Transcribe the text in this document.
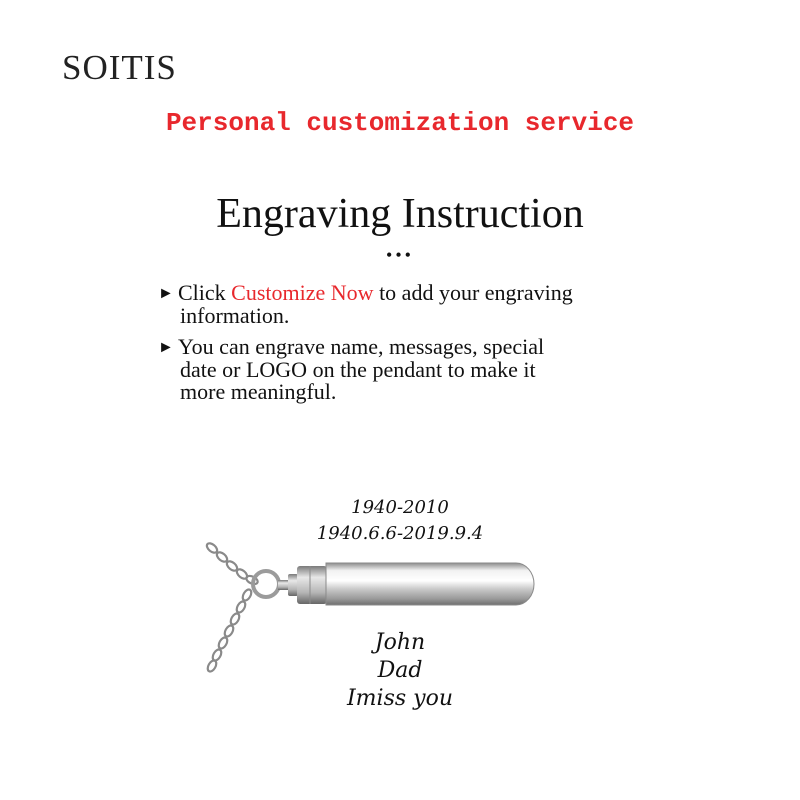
SOITIS
Personal customization service
Engraving Instruction
•••
► Click Customize Now to add your engraving
information.
► You can engrave name, messages, special
date or LOGO on the pendant to make it
more meaningful.
1940-2010
1940.6.6-2019.9.4
John
Dad
Imiss you
